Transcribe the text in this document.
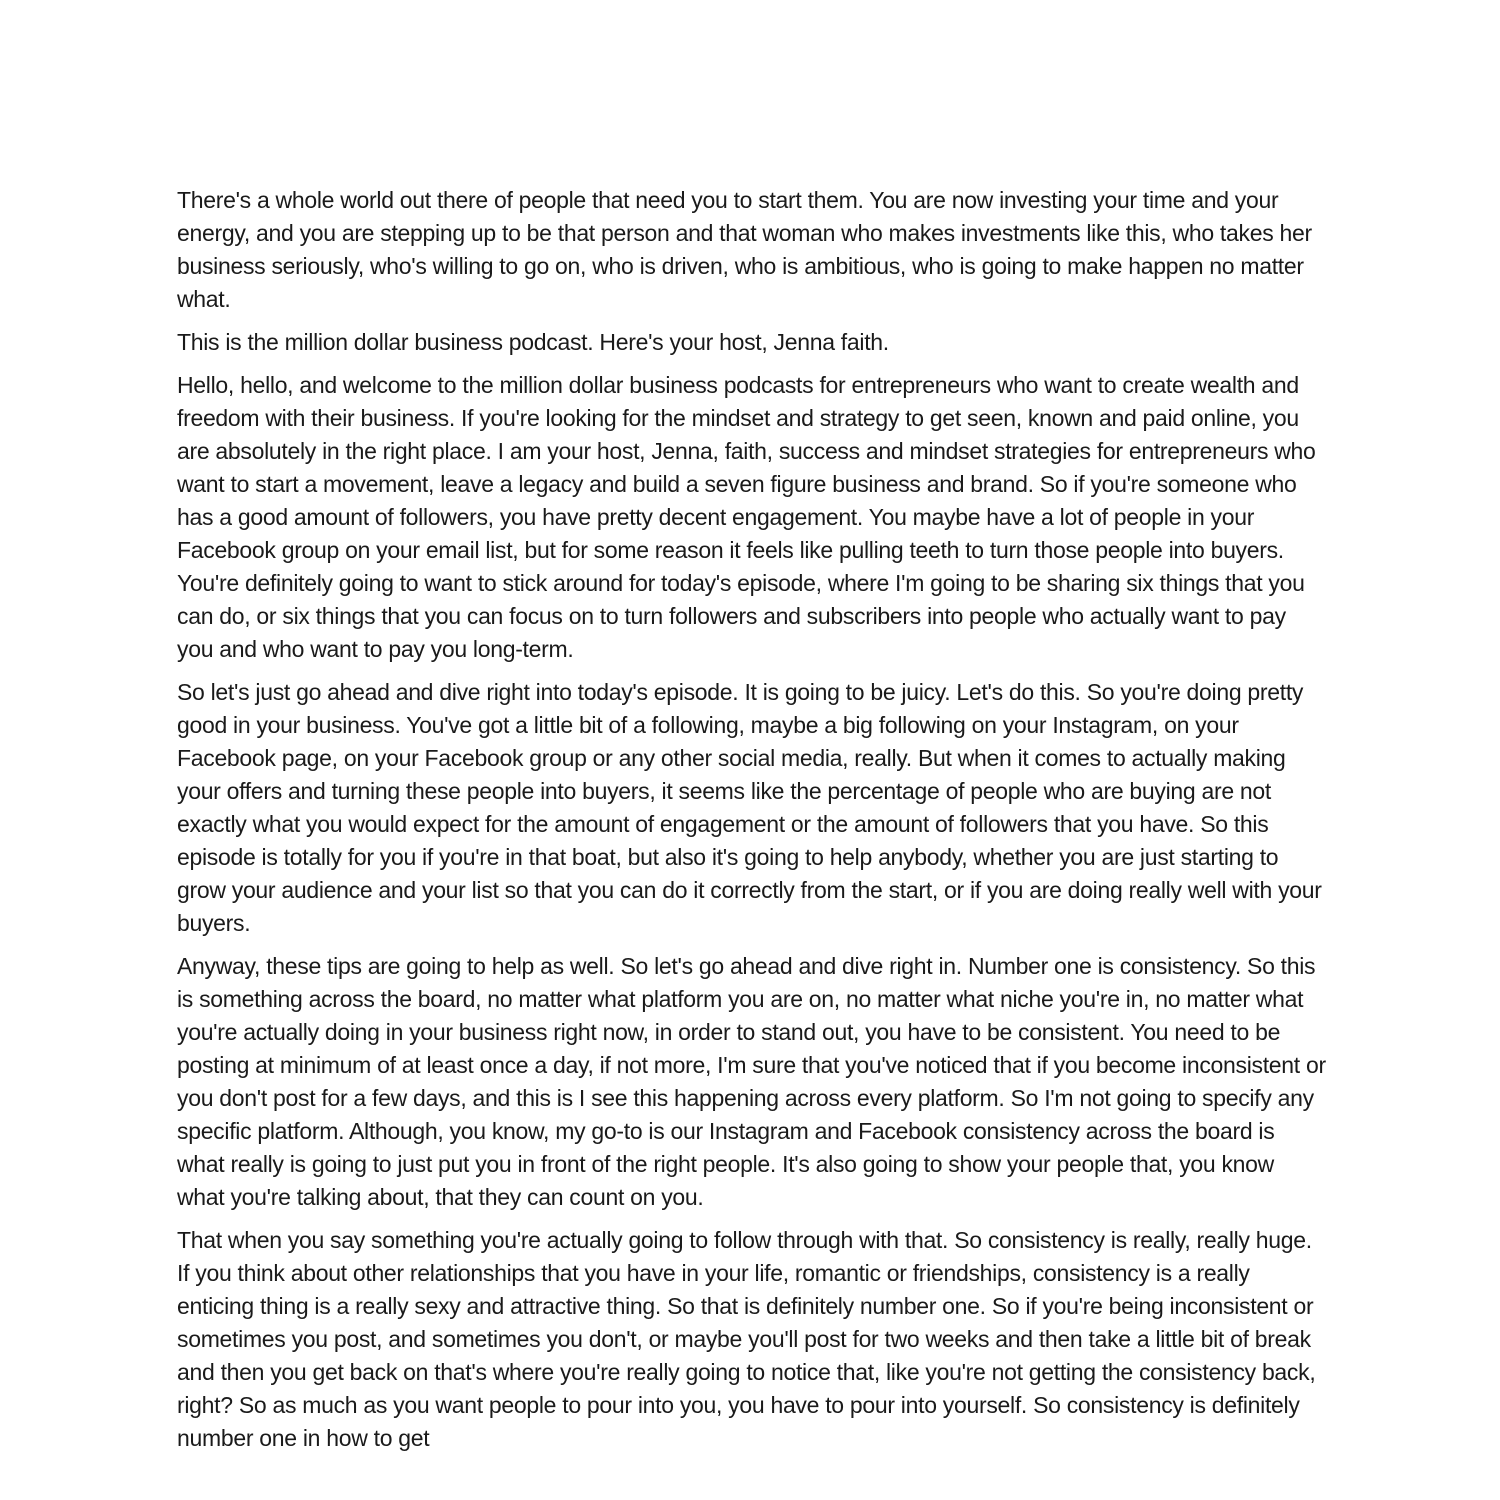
There's a whole world out there of people that need you to start them. You are now investing your time and your energy, and you are stepping up to be that person and that woman who makes investments like this, who takes her business seriously, who's willing to go on, who is driven, who is ambitious, who is going to make happen no matter what.

This is the million dollar business podcast. Here's your host, Jenna faith.

Hello, hello, and welcome to the million dollar business podcasts for entrepreneurs who want to create wealth and freedom with their business. If you're looking for the mindset and strategy to get seen, known and paid online, you are absolutely in the right place. I am your host, Jenna, faith, success and mindset strategies for entrepreneurs who want to start a movement, leave a legacy and build a seven figure business and brand. So if you're someone who has a good amount of followers, you have pretty decent engagement. You maybe have a lot of people in your Facebook group on your email list, but for some reason it feels like pulling teeth to turn those people into buyers. You're definitely going to want to stick around for today's episode, where I'm going to be sharing six things that you can do, or six things that you can focus on to turn followers and subscribers into people who actually want to pay you and who want to pay you long-term.

So let's just go ahead and dive right into today's episode. It is going to be juicy. Let's do this. So you're doing pretty good in your business. You've got a little bit of a following, maybe a big following on your Instagram, on your Facebook page, on your Facebook group or any other social media, really. But when it comes to actually making your offers and turning these people into buyers, it seems like the percentage of people who are buying are not exactly what you would expect for the amount of engagement or the amount of followers that you have. So this episode is totally for you if you're in that boat, but also it's going to help anybody, whether you are just starting to grow your audience and your list so that you can do it correctly from the start, or if you are doing really well with your buyers.

Anyway, these tips are going to help as well. So let's go ahead and dive right in. Number one is consistency. So this is something across the board, no matter what platform you are on, no matter what niche you're in, no matter what you're actually doing in your business right now, in order to stand out, you have to be consistent. You need to be posting at minimum of at least once a day, if not more, I'm sure that you've noticed that if you become inconsistent or you don't post for a few days, and this is I see this happening across every platform. So I'm not going to specify any specific platform. Although, you know, my go-to is our Instagram and Facebook consistency across the board is what really is going to just put you in front of the right people. It's also going to show your people that, you know what you're talking about, that they can count on you.

That when you say something you're actually going to follow through with that. So consistency is really, really huge. If you think about other relationships that you have in your life, romantic or friendships, consistency is a really enticing thing is a really sexy and attractive thing. So that is definitely number one. So if you're being inconsistent or sometimes you post, and sometimes you don't, or maybe you'll post for two weeks and then take a little bit of break and then you get back on that's where you're really going to notice that, like you're not getting the consistency back, right? So as much as you want people to pour into you, you have to pour into yourself. So consistency is definitely number one in how to get
